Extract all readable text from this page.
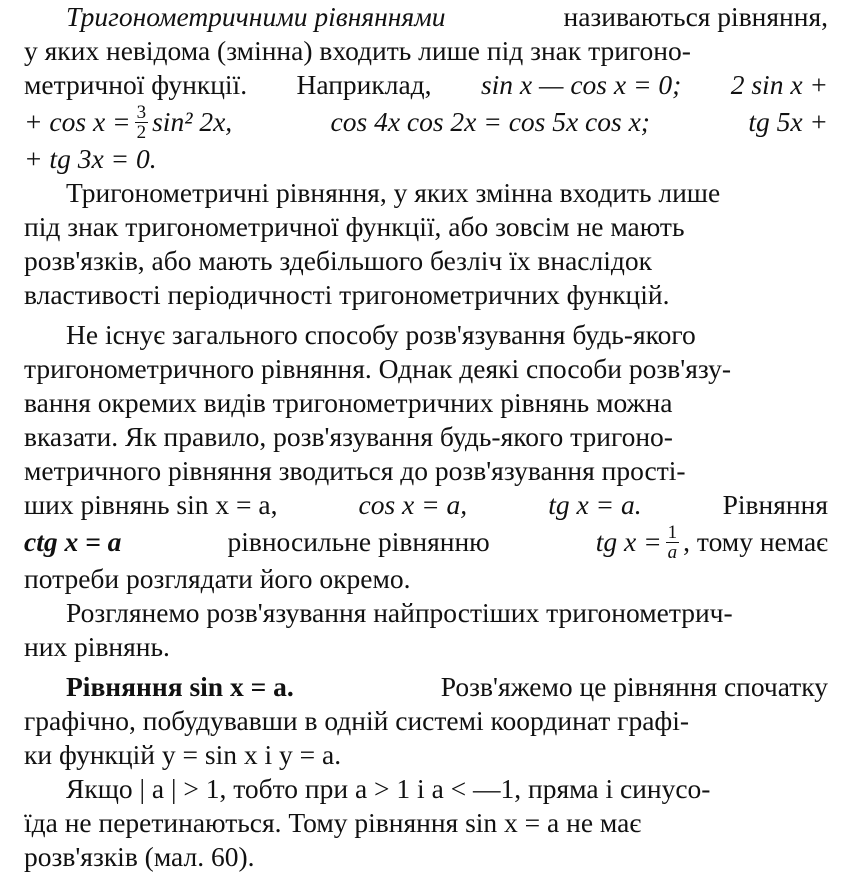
Тригонометричними рівняннями	називаються рівняння,
у яких невідома (змінна) входить лише під знак тригоно-
метричної функції. Наприклад, sin x — cos x = 0; 2 sin x +
+ $\cos x = \frac{3}{2} \sin^2$ 2x,	cos 4x cos 2x = cos 5x cos x;	tg 5x +
+ tg 3x = 0.
Тригонометричні рівняння, у яких змінна входить лише
під знак тригонометричної функції, або зовсім не мають
розв'язків, або мають здебільшого безліч їх внаслідок
властивості періодичності тригонометричних функцій.
Не існує загального способу розв'язування будь-якого
тригонометричного рівняння. Однак деякі способи розв'язу-
вання окремих видів тригонометричних рівнянь можна
вказати. Як правило, розв'язування будь-якого тригоно-
метричного рівняння зводиться до розв'язування простi-
ших рівнянь sin x = a,	cos x = a,	tg x = a.	Рівняння
ctg x = a	рівносильне рівнянню	tg $x = \frac{1}{a}$ , тому немає
потреби розглядати його окремо.
Розглянемо розв'язування найпростіших тригонометрич-
них рівнянь.
Рівняння sin x = a.	Розв'яжемо це рівняння спочатку
графічно, побудувавши в одній системі координат графі-
ки функцій y = sin x і y = a.
Якщо | a | > 1, тобто при a > 1 і a < —1, пряма і синусо-
їда не перетинаються. Тому рівняння sin x = a не має
розв'язків (мал. 60).
